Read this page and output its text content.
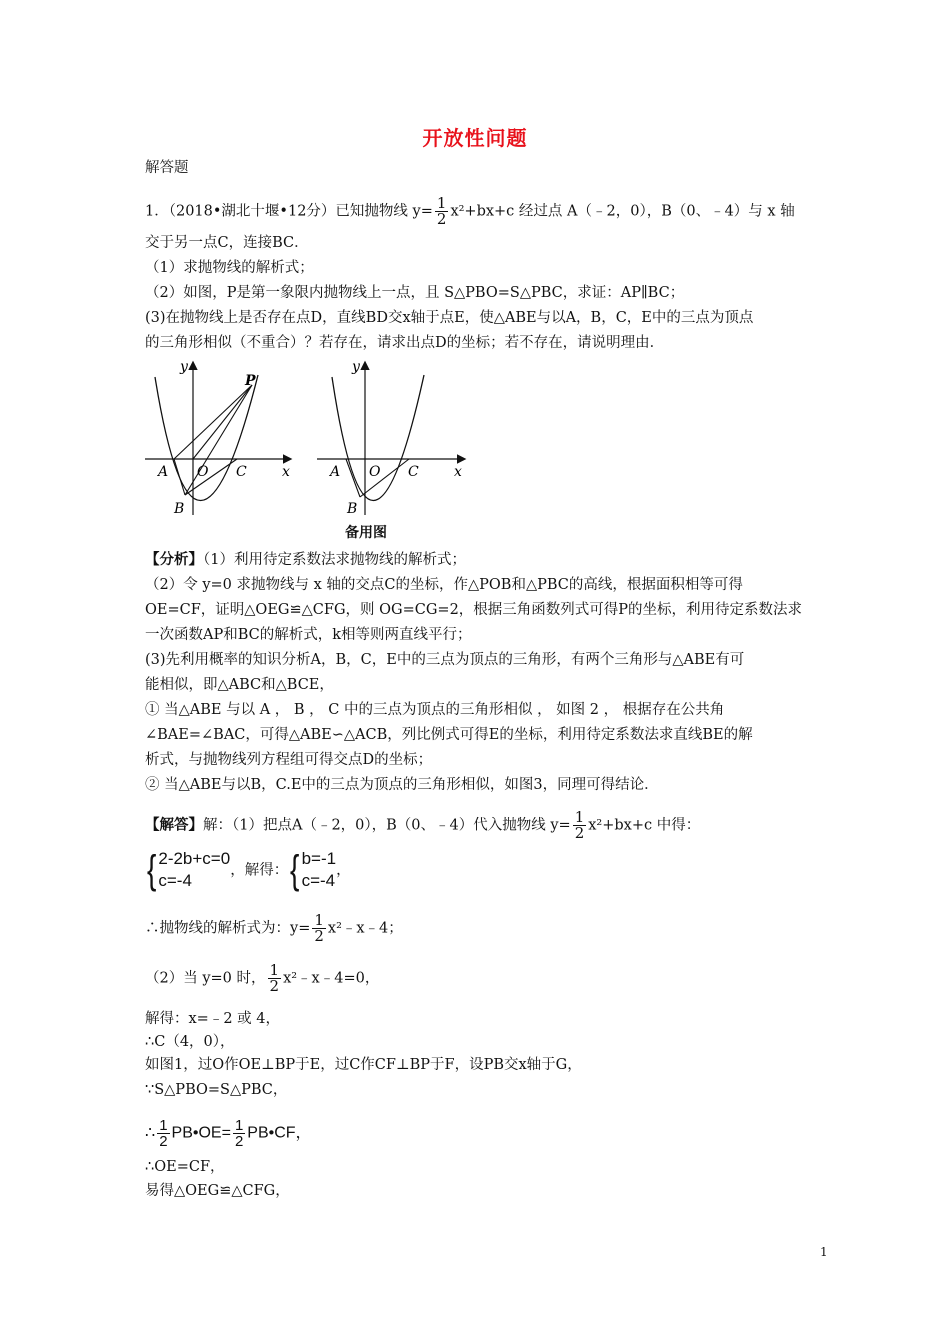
开放性问题
解答题
1．（2018•湖北十堰•12分）已知抛物线 $y= \frac{1}{2} x^2+bx+c$ 经过点 A（﹣2，0），B（0、﹣4）与 x 轴
交于另一点C，连接BC．
（1）求抛物线的解析式；
（2）如图，P是第一象限内抛物线上一点，且 S△PBO=S△PBC，求证：AP∥BC；
(3)在抛物线上是否存在点D，直线BD交x轴于点E，使△ABE与以A，B，C，E中的三点为顶点
的三角形相似（不重合）？若存在，请求出点D的坐标；若不存在，请说明理由．
y
P
A O C	x
B
y
A O C	x
B
备用图
【分析】（1）利用待定系数法求抛物线的解析式；
（2）令 y=0 求抛物线与 x 轴的交点C的坐标，作△POB和△PBC的高线，根据面积相等可得
OE=CF，证明△OEG≌△CFG，则 OG=CG=2，根据三角函数列式可得P的坐标，利用待定系数法求
一次函数AP和BC的解析式，k相等则两直线平行；
(3)先利用概率的知识分析A，B，C，E中的三点为顶点的三角形，有两个三角形与△ABE有可
能相似，即△ABC和△BCE，
① 当△ABE 与以 A ， B ， C 中的三点为顶点的三角形相似 ， 如图 2 ， 根据存在公共角
∠BAE=∠BAC，可得△ABE∽△ACB，列比例式可得E的坐标，利用待定系数法求直线BE的解
析式，与抛物线列方程组可得交点D的坐标；
② 当△ABE与以B，C.E中的三点为顶点的三角形相似，如图3，同理可得结论．
【解答】解：（1）把点A（﹣2，0），B（0、﹣4）代入抛物线 $y= \frac{1}{2} x^2+bx+c$ 中得：
{ 2-2b+c=0
c=-4
，解得：{ b=-1
c=-4
，
∴抛物线的解析式为：$y= \frac{1}{2}$ x²﹣x﹣4；
（2）当 y=0 时， $\frac{1}{2}$ x²﹣x﹣4=0，
解得：x=﹣2 或 4，
∴C（4，0），
如图1，过O作OE⊥BP于E，过C作CF⊥BP于F，设PB交x轴于G，
∵S△PBO=S△PBC，
∴ $\frac{1}{2}$ PB•OE= $\frac{1}{2}$ PB•CF，
∴OE=CF，
易得△OEG≌△CFG，
1
